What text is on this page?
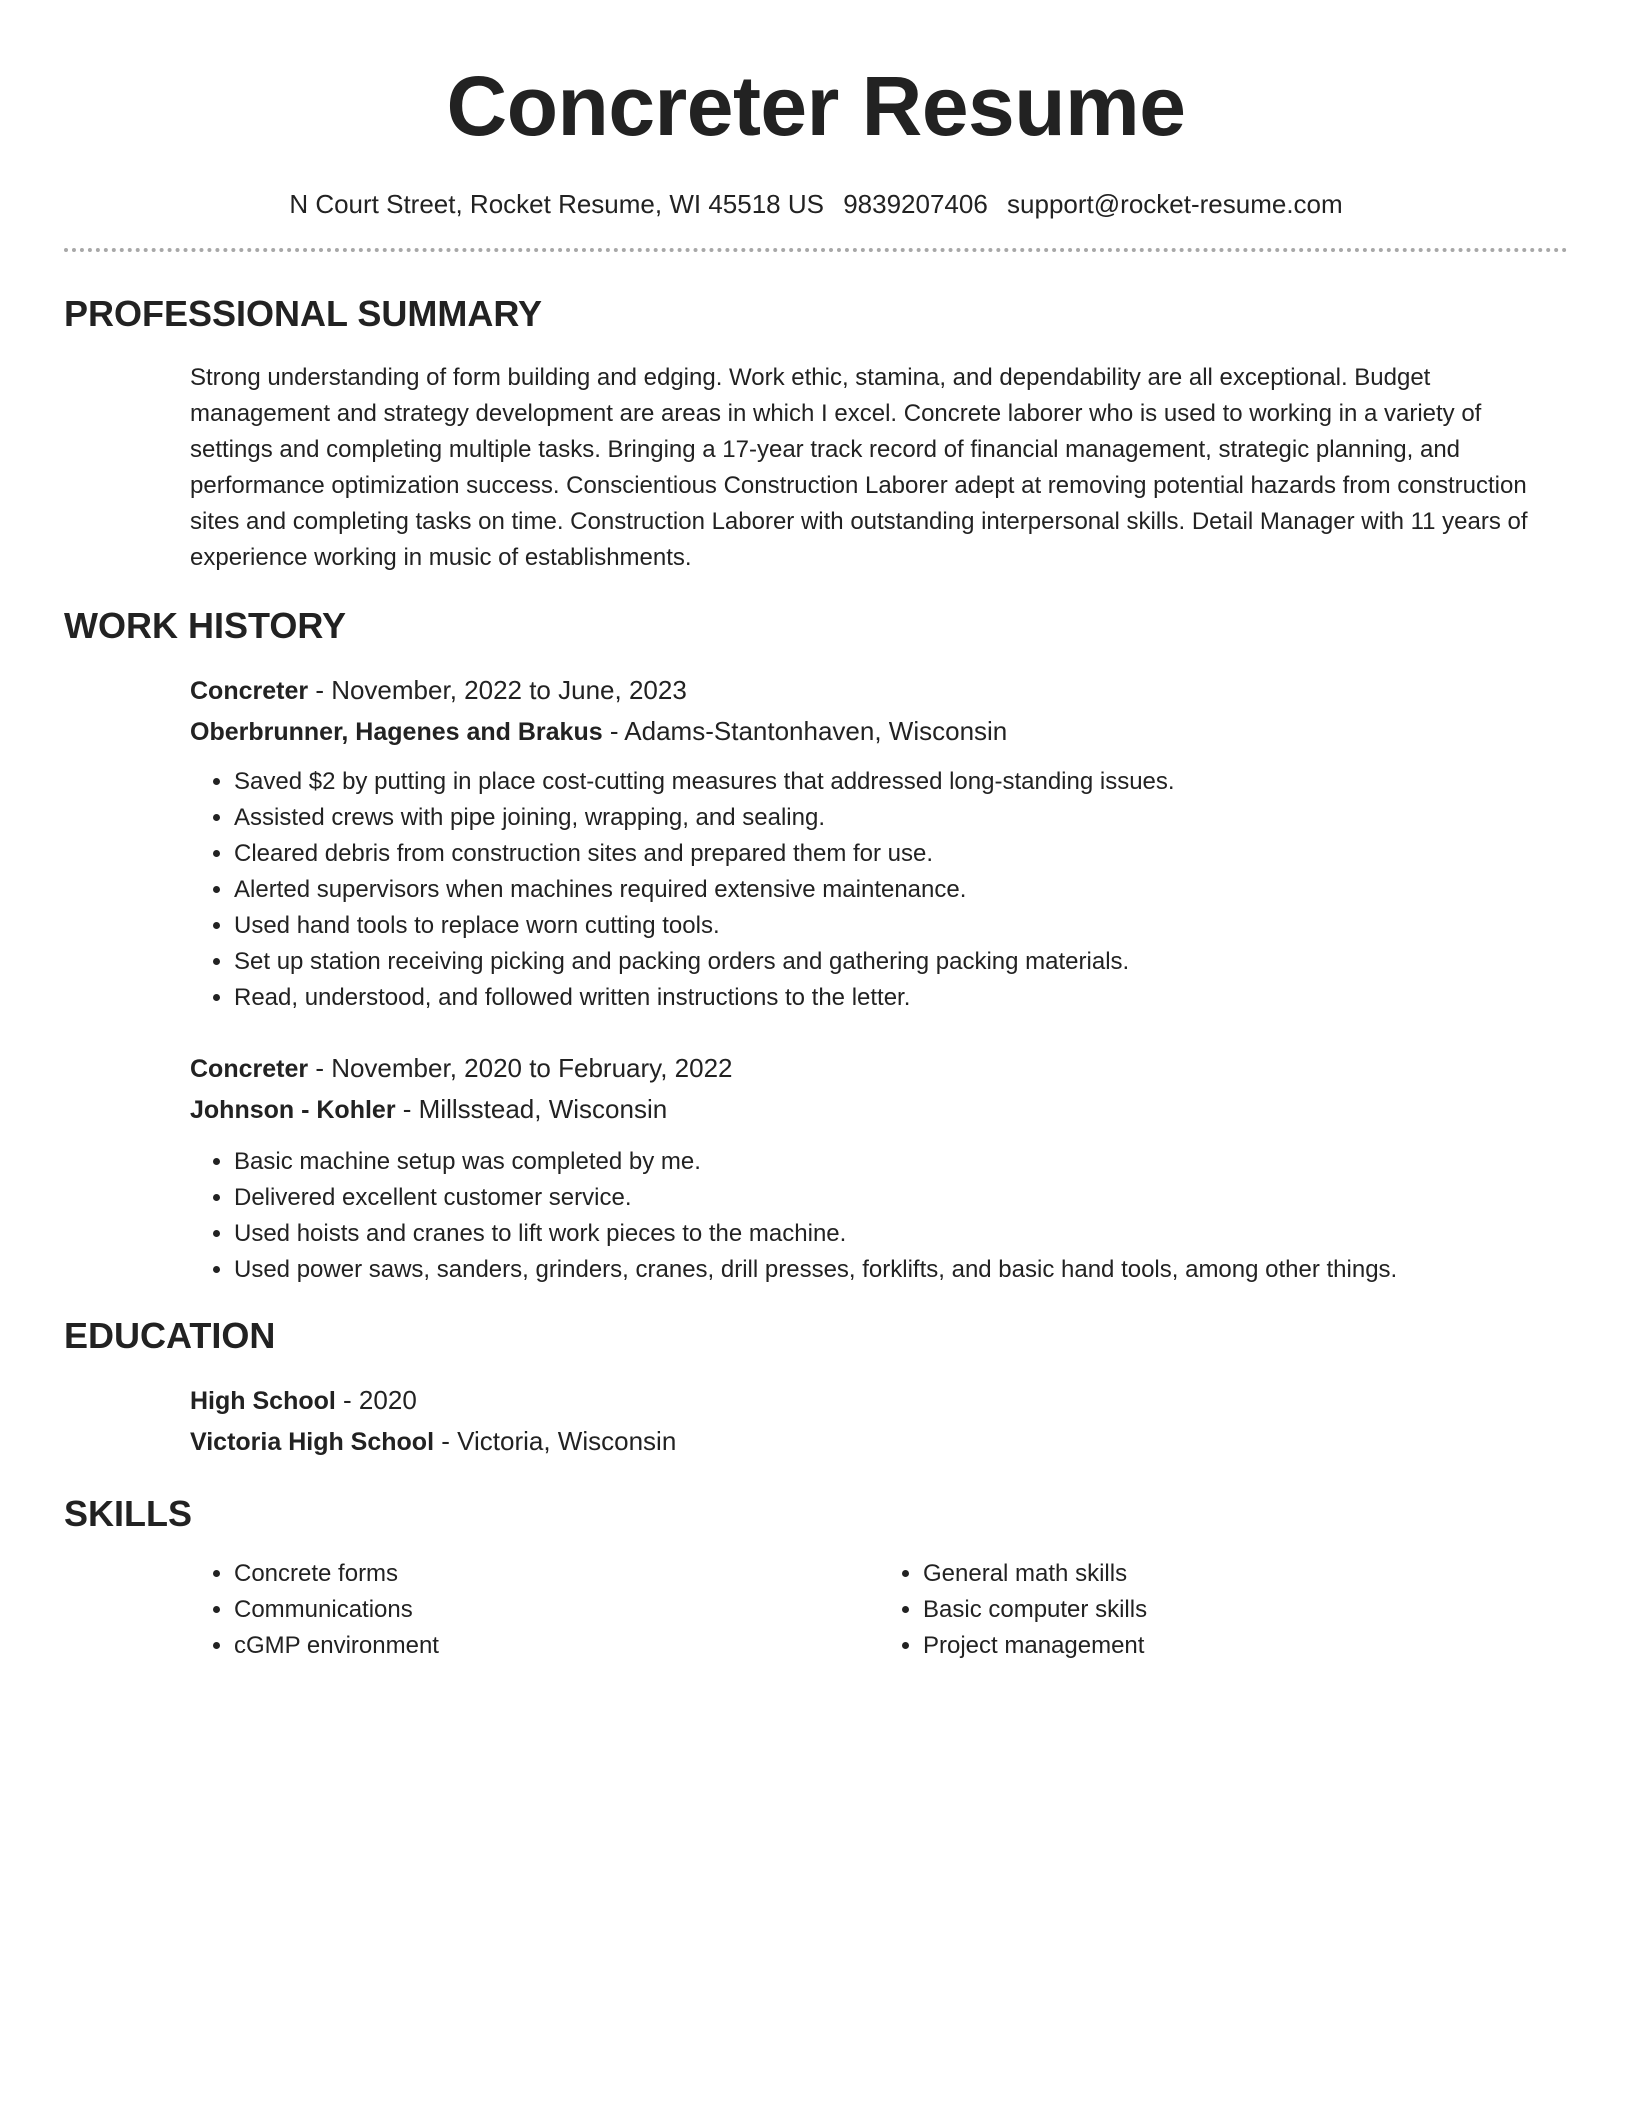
Concreter Resume
N Court Street, Rocket Resume, WI 45518 US 9839207406 support@rocket-resume.com
PROFESSIONAL SUMMARY

Strong understanding of form building and edging. Work ethic, stamina, and dependability are all exceptional. Budget management and strategy development are areas in which I excel. Concrete laborer who is used to working in a variety of settings and completing multiple tasks. Bringing a 17-year track record of financial management, strategic planning, and performance optimization success. Conscientious Construction Laborer adept at removing potential hazards from construction sites and completing tasks on time. Construction Laborer with outstanding interpersonal skills. Detail Manager with 11 years of experience working in music of establishments.

WORK HISTORY
Concreter - November, 2022 to June, 2023
Oberbrunner, Hagenes and Brakus - Adams-Stantonhaven, Wisconsin
• Saved $2 by putting in place cost-cutting measures that addressed long-standing issues.
• Assisted crews with pipe joining, wrapping, and sealing.
• Cleared debris from construction sites and prepared them for use.
• Alerted supervisors when machines required extensive maintenance.
• Used hand tools to replace worn cutting tools.
• Set up station receiving picking and packing orders and gathering packing materials.
• Read, understood, and followed written instructions to the letter.
Concreter - November, 2020 to February, 2022
Johnson - Kohler - Millsstead, Wisconsin
• Basic machine setup was completed by me.
• Delivered excellent customer service.
• Used hoists and cranes to lift work pieces to the machine.
• Used power saws, sanders, grinders, cranes, drill presses, forklifts, and basic hand tools, among other things.
EDUCATION
High School - 2020
Victoria High School - Victoria, Wisconsin
SKILLS
• Concrete forms
• Communications
• cGMP environment
• General math skills
• Basic computer skills
• Project management
